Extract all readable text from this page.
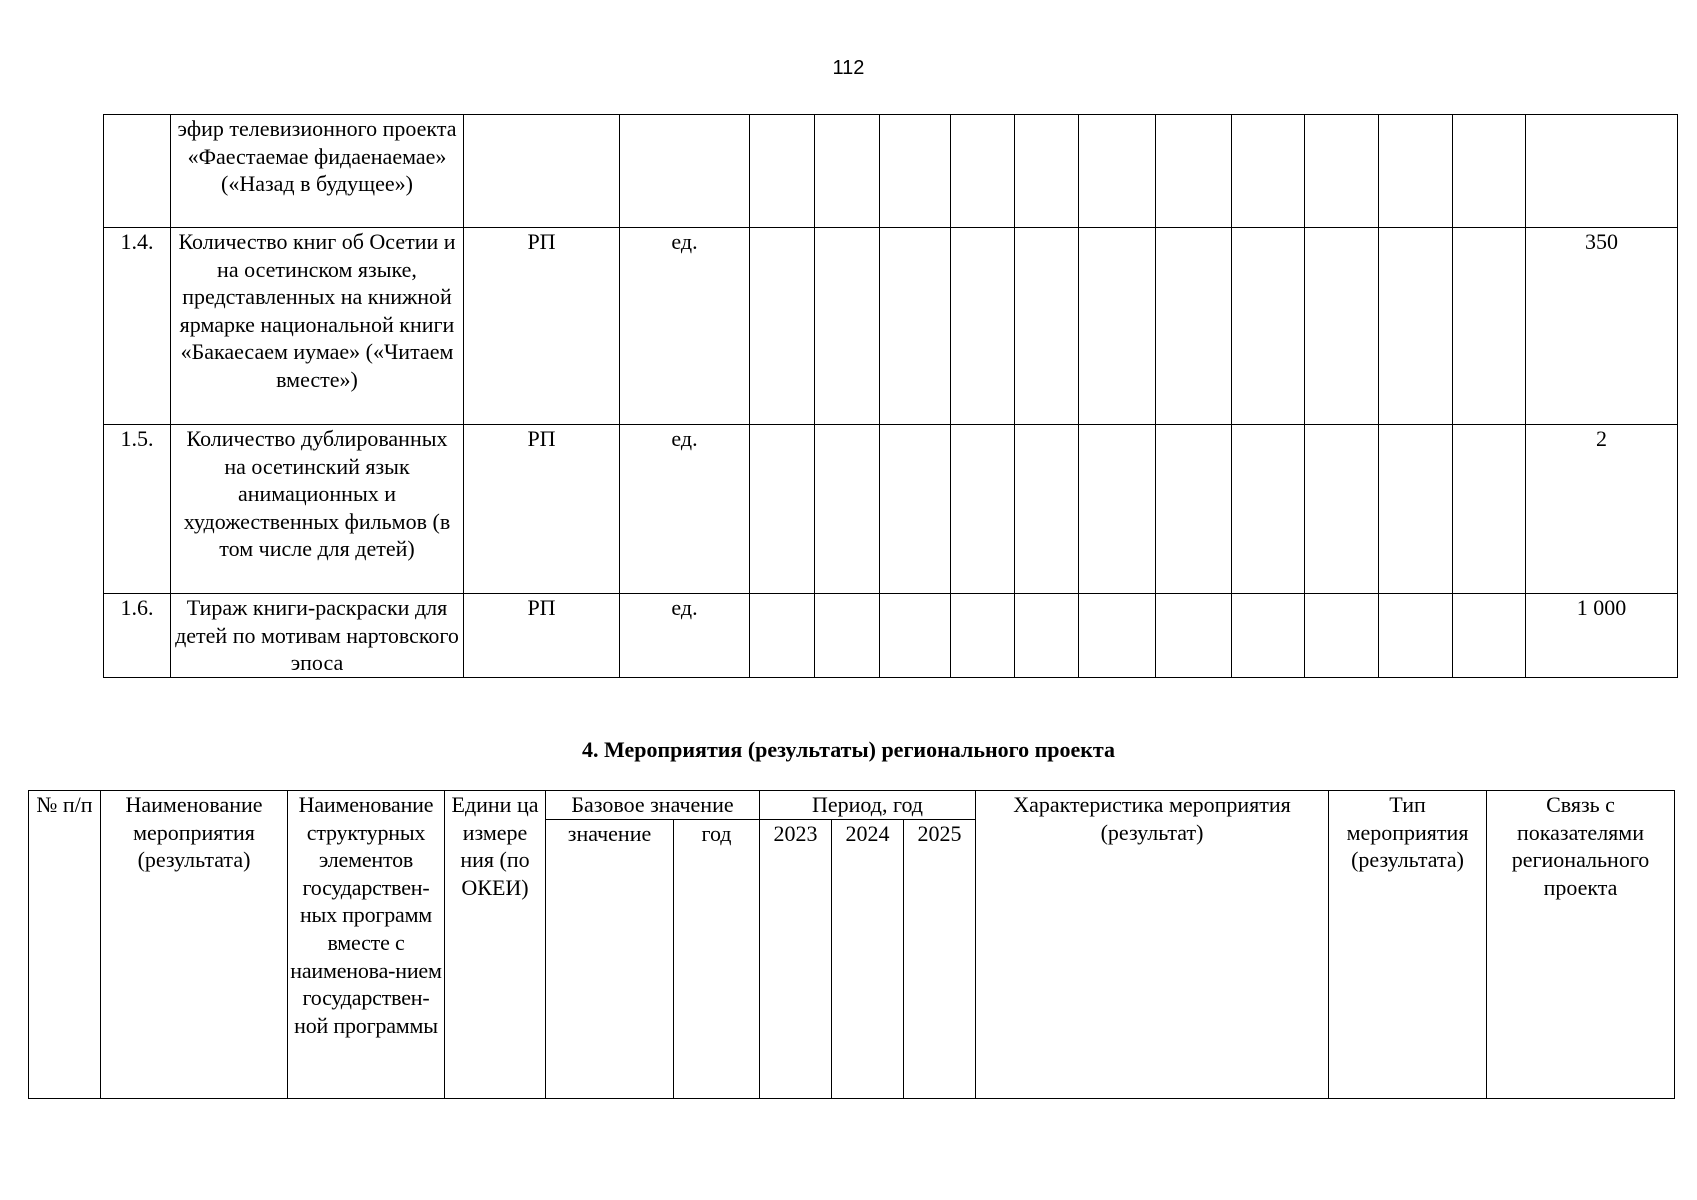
112
	эфир телевизионного проекта «Фаестаемае фидаенаемае» («Назад в будущее»)														
1.4.	Количество книг об Осетии и на осетинском языке, представленных на книжной ярмарке национальной книги «Бакаесаем иумае» («Читаем вместе»)	РП	ед.												350
1.5.	Количество дублированных на осетинский язык анимационных и художественных фильмов (в том числе для детей)	РП	ед.												2
1.6.	Тираж книги-раскраски для детей по мотивам нартовского эпоса	РП	ед.												1 000
4. Мероприятия (результаты) регионального проекта
№ п/п	Наименование мероприятия (результата)	Наименование структурных элементов государствен-ных программ вместе с наименова-нием государствен-ной программы	Едини ца измере ния (по ОКЕИ)	Базовое значение		Период, год			Характеристика мероприятия (результат)	Тип мероприятия (результата)	Связь с показателями регионального проекта
				значение	год	2023	2024	2025			
